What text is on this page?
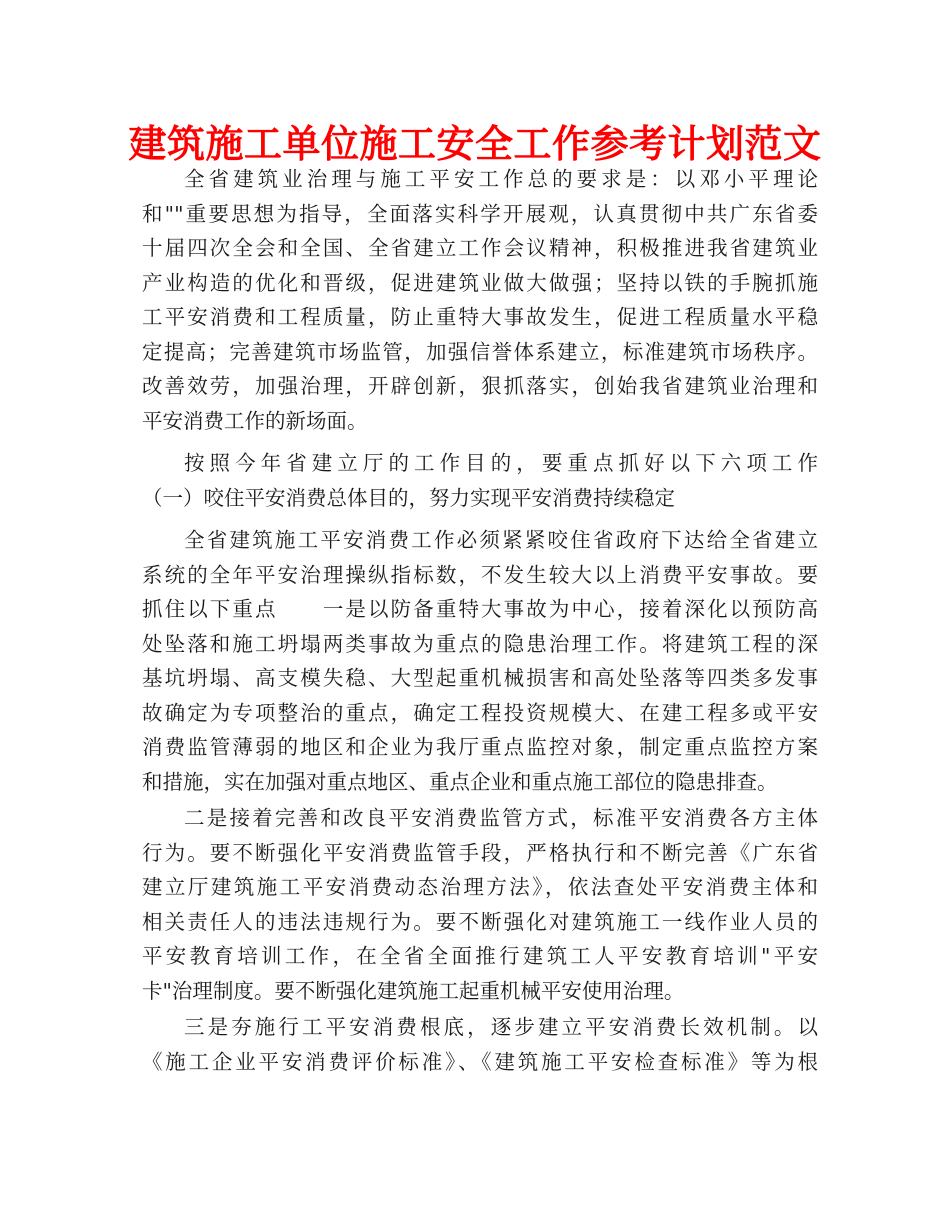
建筑施工单位施工安全工作参考计划范文
全省建筑业治理与施工平安工作总的要求是：以邓小平理论
和""重要思想为指导，全面落实科学开展观，认真贯彻中共广东省委
十届四次全会和全国、全省建立工作会议精神，积极推进我省建筑业
产业构造的优化和晋级，促进建筑业做大做强；坚持以铁的手腕抓施
工平安消费和工程质量，防止重特大事故发生，促进工程质量水平稳
定提高；完善建筑市场监管，加强信誉体系建立，标准建筑市场秩序。
改善效劳，加强治理，开辟创新，狠抓落实，创始我省建筑业治理和
平安消费工作的新场面。
按照今年省建立厅的工作目的，要重点抓好以下六项工作
（一）咬住平安消费总体目的，努力实现平安消费持续稳定
全省建筑施工平安消费工作必须紧紧咬住省政府下达给全省建立
系统的全年平安治理操纵指标数，不发生较大以上消费平安事故。要
抓住以下重点　　一是以防备重特大事故为中心，接着深化以预防高
处坠落和施工坍塌两类事故为重点的隐患治理工作。将建筑工程的深
基坑坍塌、高支模失稳、大型起重机械损害和高处坠落等四类多发事
故确定为专项整治的重点，确定工程投资规模大、在建工程多或平安
消费监管薄弱的地区和企业为我厅重点监控对象，制定重点监控方案
和措施，实在加强对重点地区、重点企业和重点施工部位的隐患排查。
二是接着完善和改良平安消费监管方式，标准平安消费各方主体
行为。要不断强化平安消费监管手段，严格执行和不断完善《广东省
建立厅建筑施工平安消费动态治理方法》，依法查处平安消费主体和
相关责任人的违法违规行为。要不断强化对建筑施工一线作业人员的
平安教育培训工作，在全省全面推行建筑工人平安教育培训"平安
卡"治理制度。要不断强化建筑施工起重机械平安使用治理。
三是夯施行工平安消费根底，逐步建立平安消费长效机制。以
《施工企业平安消费评价标准》、《建筑施工平安检查标准》等为根
